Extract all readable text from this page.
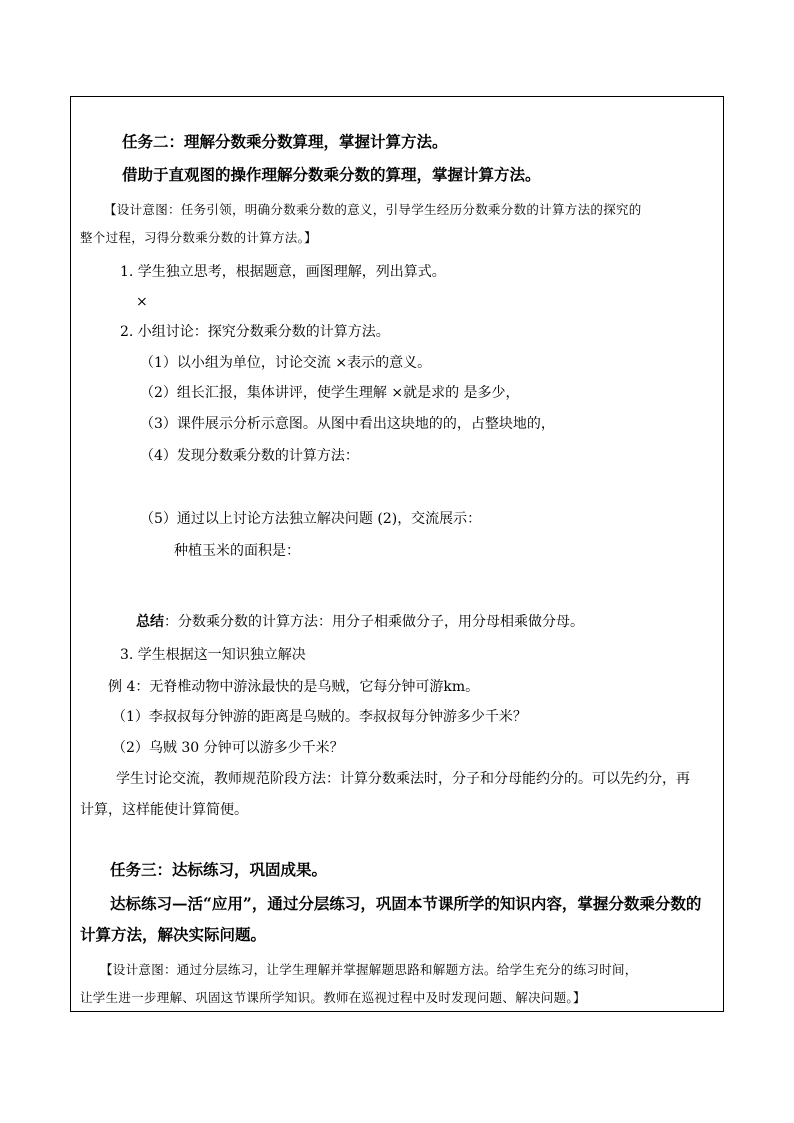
任务二：理解分数乘分数算理，掌握计算方法。
借助于直观图的操作理解分数乘分数的算理，掌握计算方法。
【设计意图：任务引领，明确分数乘分数的意义，引导学生经历分数乘分数的计算方法的探究的
整个过程，习得分数乘分数的计算方法。】
1. 学生独立思考，根据题意，画图理解，列出算式。
×
2. 小组讨论：探究分数乘分数的计算方法。
（1）以小组为单位，讨论交流 ×表示的意义。
（2）组长汇报，集体讲评，使学生理解 ×就是求的 是多少，
（3）课件展示分析示意图。从图中看出这块地的的，占整块地的，
（4）发现分数乘分数的计算方法：
（5）通过以上讨论方法独立解决问题 (2)，交流展示：
种植玉米的面积是：
总结：分数乘分数的计算方法：用分子相乘做分子，用分母相乘做分母。
3. 学生根据这一知识独立解决
例 4：无脊椎动物中游泳最快的是乌贼，它每分钟可游km。
（1）李叔叔每分钟游的距离是乌贼的。李叔叔每分钟游多少千米？
（2）乌贼 30 分钟可以游多少千米？
学生讨论交流，教师规范阶段方法：计算分数乘法时，分子和分母能约分的。可以先约分，再
计算，这样能使计算简便。
任务三：达标练习，巩固成果。
达标练习—活“应用”，通过分层练习，巩固本节课所学的知识内容，掌握分数乘分数的
计算方法，解决实际问题。
【设计意图：通过分层练习，让学生理解并掌握解题思路和解题方法。给学生充分的练习时间，
让学生进一步理解、巩固这节课所学知识。教师在巡视过程中及时发现问题、解决问题。】
